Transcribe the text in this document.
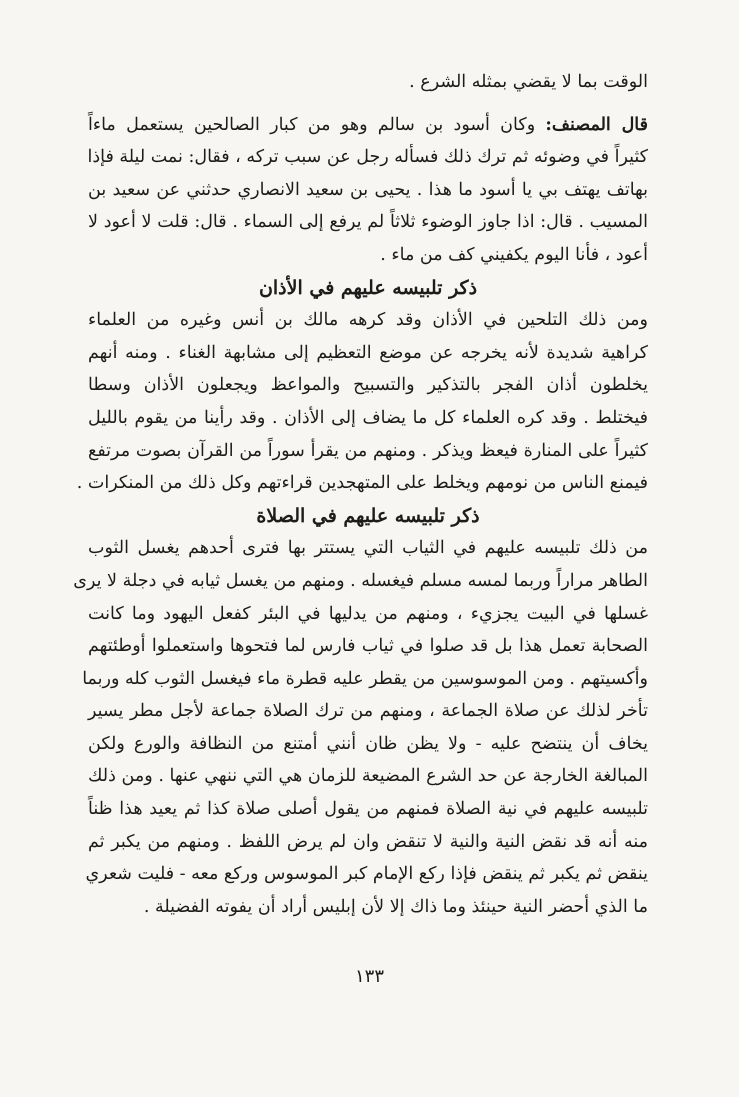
الوقت بما لا يقضي بمثله الشرع .
قال المصنف: وكان أسود بن سالم وهو من كبار الصالحين يستعمل ماءاً
كثيراً في وضوئه ثم ترك ذلك فسأله رجل عن سبب تركه ، فقال: نمت ليلة فإذا
بهاتف يهتف بي يا أسود ما هذا . يحيى بن سعيد الانصاري حدثني عن سعيد بن
المسيب . قال: اذا جاوز الوضوء ثلاثاً لم يرفع إلى السماء . قال: قلت لا أعود لا
أعود ، فأنا اليوم يكفيني كف من ماء .
ذكر تلبيسه عليهم في الأذان
ومن ذلك التلحين في الأذان وقد كرهه مالك بن أنس وغيره من العلماء
كراهية شديدة لأنه يخرجه عن موضع التعظيم إلى مشابهة الغناء . ومنه أنهم
يخلطون أذان الفجر بالتذكير والتسبيح والمواعظ ويجعلون الأذان وسطا
فيختلط . وقد كره العلماء كل ما يضاف إلى الأذان . وقد رأينا من يقوم بالليل
كثيراً على المنارة فيعظ ويذكر . ومنهم من يقرأ سوراً من القرآن بصوت مرتفع
فيمنع الناس من نومهم ويخلط على المتهجدين قراءتهم وكل ذلك من المنكرات .
ذكر تلبيسه عليهم في الصلاة
من ذلك تلبيسه عليهم في الثياب التي يستتر بها فترى أحدهم يغسل الثوب
الطاهر مراراً وربما لمسه مسلم فيغسله . ومنهم من يغسل ثيابه في دجلة لا يرى
غسلها في البيت يجزيء ، ومنهم من يدليها في البئر كفعل اليهود وما كانت
الصحابة تعمل هذا بل قد صلوا في ثياب فارس لما فتحوها واستعملوا أوطئتهم
وأكسيتهم . ومن الموسوسين من يقطر عليه قطرة ماء فيغسل الثوب كله وربما
تأخر لذلك عن صلاة الجماعة ، ومنهم من ترك الصلاة جماعة لأجل مطر يسير
يخاف أن ينتضح عليه - ولا يظن ظان أنني أمتنع من النظافة والورع ولكن
المبالغة الخارجة عن حد الشرع المضيعة للزمان هي التي ننهي عنها . ومن ذلك
تلبيسه عليهم في نية الصلاة فمنهم من يقول أصلى صلاة كذا ثم يعيد هذا ظناً
منه أنه قد نقض النية والنية لا تنقض وان لم يرض اللفظ . ومنهم من يكبر ثم
ينقض ثم يكبر ثم ينقض فإذا ركع الإمام كبر الموسوس وركع معه - فليت شعري
ما الذي أحضر النية حينئذ وما ذاك إلا لأن إبليس أراد أن يفوته الفضيلة .
١٣٣
